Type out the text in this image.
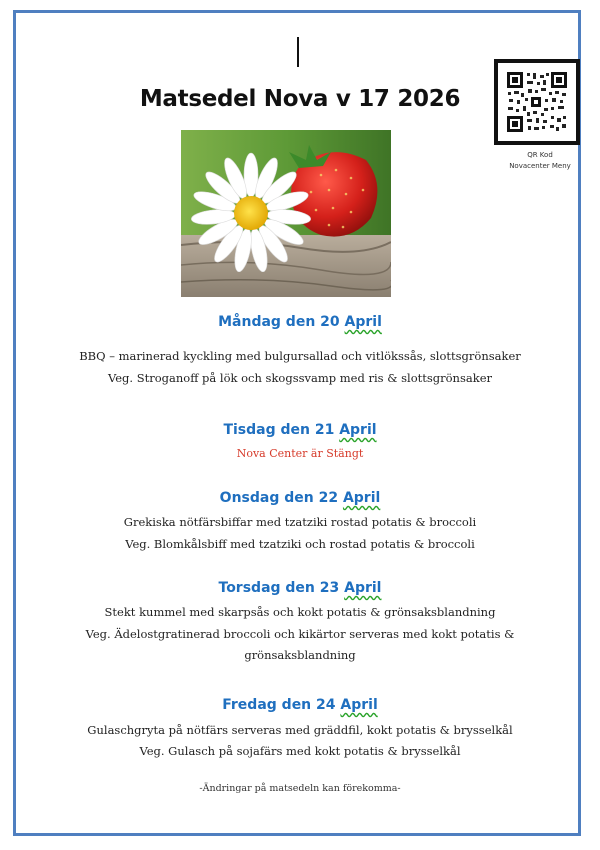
Matsedel Nova v 17 2026
QR Kod
Novacenter Meny
Måndag den 20 April
BBQ – marinerad kyckling med bulgursallad och vitlökssås, slottsgrönsaker
Veg. Stroganoff på lök och skogssvamp med ris & slottsgrönsaker
Tisdag den 21 April
Nova Center är Stängt
Onsdag den 22 April
Grekiska nötfärsbiffar med tzatziki rostad potatis & broccoli
Veg. Blomkålsbiff med tzatziki och rostad potatis & broccoli
Torsdag den 23 April
Stekt kummel med skarpsås och kokt potatis & grönsaksblandning
Veg. Ädelostgratinerad broccoli och kikärtor serveras med kokt potatis &
grönsaksblandning
Fredag den 24 April
Gulaschgryta på nötfärs serveras med gräddfil, kokt potatis & brysselkål
Veg. Gulasch på sojafärs med kokt potatis & brysselkål
-Ändringar på matsedeln kan förekomma-
